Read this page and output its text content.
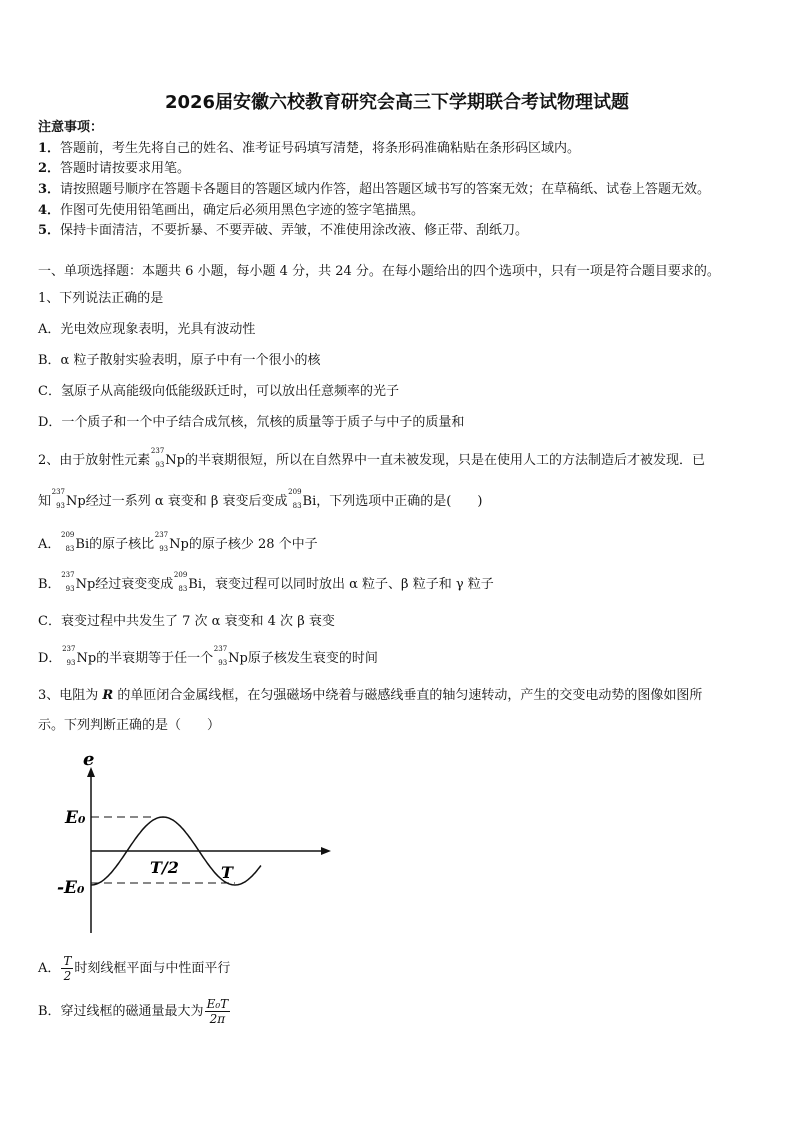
2026届安徽六校教育研究会高三下学期联合考试物理试题
注意事项：
1．答题前，考生先将自己的姓名、准考证号码填写清楚，将条形码准确粘贴在条形码区域内。
2．答题时请按要求用笔。
3．请按照题号顺序在答题卡各题目的答题区域内作答，超出答题区域书写的答案无效；在草稿纸、试卷上答题无效。
4．作图可先使用铅笔画出，确定后必须用黑色字迹的签字笔描黑。
5．保持卡面清洁，不要折暴、不要弄破、弄皱，不准使用涂改液、修正带、刮纸刀。
一、单项选择题：本题共 6 小题，每小题 4 分，共 24 分。在每小题给出的四个选项中，只有一项是符合题目要求的。
1、下列说法正确的是
A．光电效应现象表明，光具有波动性
B．α 粒子散射实验表明，原子中有一个很小的核
C．氢原子从高能级向低能级跃迁时，可以放出任意频率的光子
D．一个质子和一个中子结合成氘核，氘核的质量等于质子与中子的质量和
2、由于放射性元素
237
93 Np的半衰期很短，所以在自然界中一直未被发现，只是在使用人工的方法制造后才被发现．已
知
237
93 Np经过一系列 α 衰变和 β 衰变后变成
209
83 Bi，下列选项中正确的是(　　)
A．
209
83 Bi的原子核比
237
93 Np的原子核少 28 个中子
B．
237
93 Np经过衰变变成
209
83 Bi，衰变过程可以同时放出 α 粒子、β 粒子和 γ 粒子
C．衰变过程中共发生了 7 次 α 衰变和 4 次 β 衰变
D．
237
93 Np的半衰期等于任一个
237
93 Np原子核发生衰变的时间
3、电阻为 R 的单匝闭合金属线框，在匀强磁场中绕着与磁感线垂直的轴匀速转动，产生的交变电动势的图像如图所
示。下列判断正确的是（　　）
e
E₀
-E₀
T/2	T
A． $\frac{T}{2}$ 时刻线框平面与中性面平行
B．穿过线框的磁通量最大为 $\frac{\text{E₀T}}{2\pi}$
